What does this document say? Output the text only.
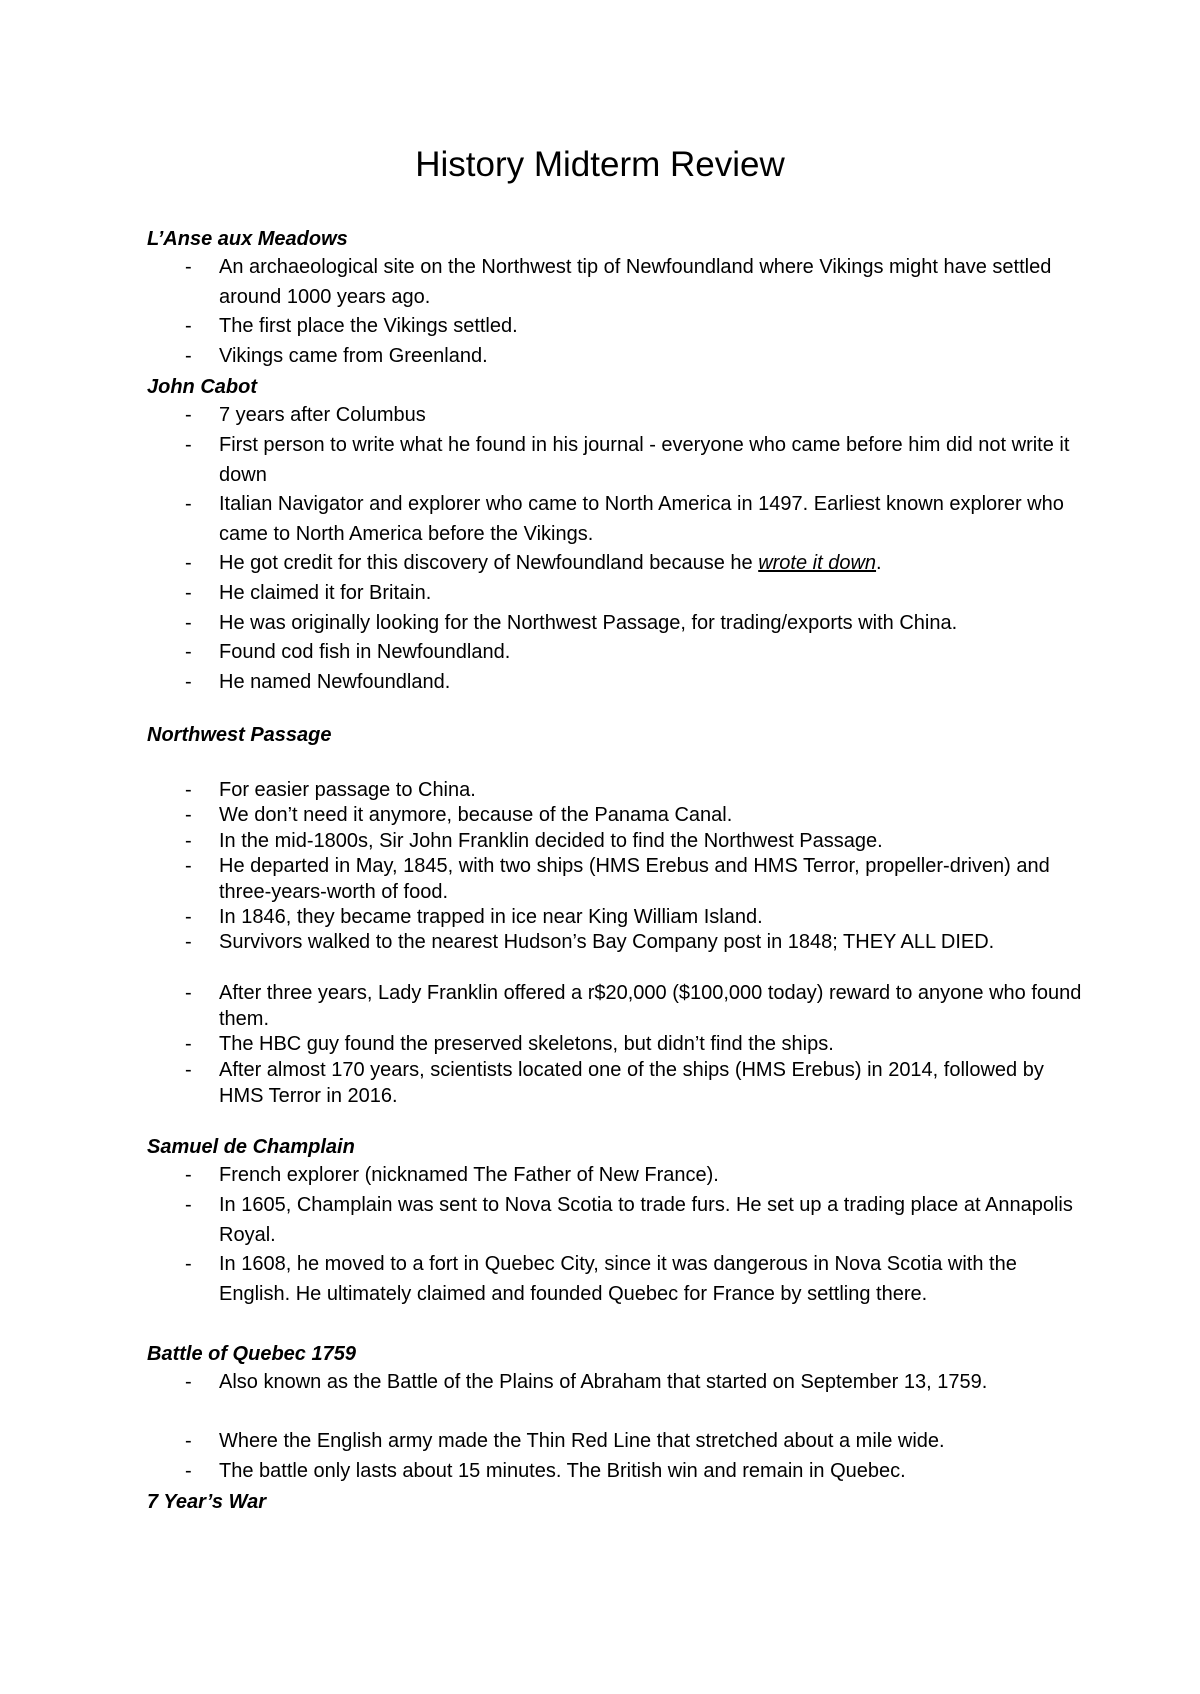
History Midterm Review

L’Anse aux Meadows

- An archaeological site on the Northwest tip of Newfoundland where Vikings might have settled around 1000 years ago.
- The first place the Vikings settled.
- Vikings came from Greenland.

John Cabot

- 7 years after Columbus
- First person to write what he found in his journal - everyone who came before him did not write it down
- Italian Navigator and explorer who came to North America in 1497. Earliest known explorer who came to North America before the Vikings.
- He got credit for this discovery of Newfoundland because he wrote it down.
- He claimed it for Britain.
- He was originally looking for the Northwest Passage, for trading/exports with China.
- Found cod fish in Newfoundland.
- He named Newfoundland.

Northwest Passage

- For easier passage to China.
- We don’t need it anymore, because of the Panama Canal.
- In the mid-1800s, Sir John Franklin decided to find the Northwest Passage.
- He departed in May, 1845, with two ships (HMS Erebus and HMS Terror, propeller-driven) and three-years-worth of food.
- In 1846, they became trapped in ice near King William Island.
- Survivors walked to the nearest Hudson’s Bay Company post in 1848; THEY ALL DIED.
- After three years, Lady Franklin offered a r$20,000 ($100,000 today) reward to anyone who found them.
- The HBC guy found the preserved skeletons, but didn’t find the ships.
- After almost 170 years, scientists located one of the ships (HMS Erebus) in 2014, followed by HMS Terror in 2016.

Samuel de Champlain

- French explorer (nicknamed The Father of New France).
- In 1605, Champlain was sent to Nova Scotia to trade furs. He set up a trading place at Annapolis Royal.
- In 1608, he moved to a fort in Quebec City, since it was dangerous in Nova Scotia with the English. He ultimately claimed and founded Quebec for France by settling there.

Battle of Quebec 1759

- Also known as the Battle of the Plains of Abraham that started on September 13, 1759.
- Where the English army made the Thin Red Line that stretched about a mile wide.
- The battle only lasts about 15 minutes. The British win and remain in Quebec.

7 Year’s War
